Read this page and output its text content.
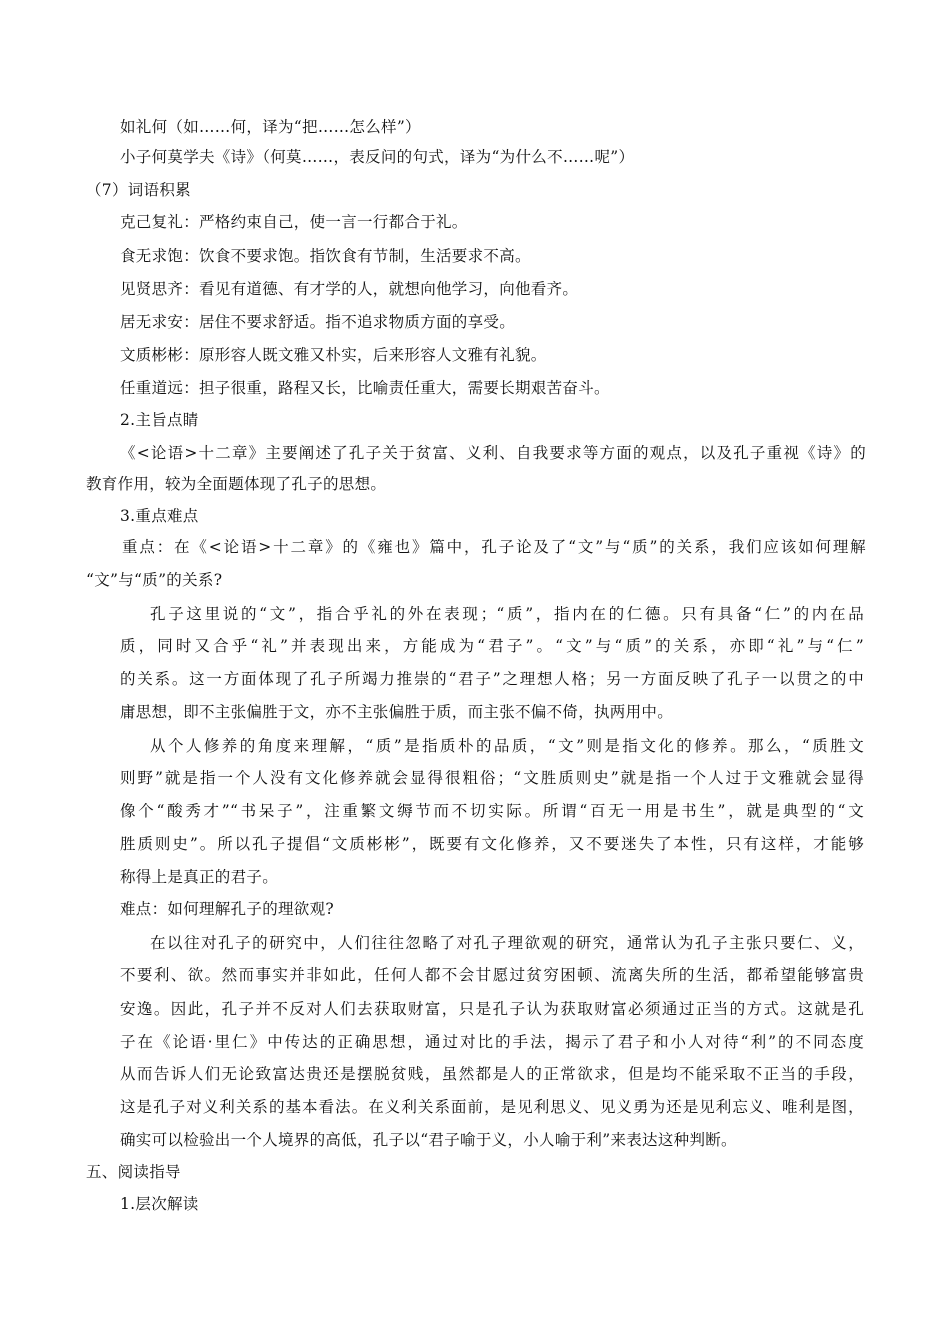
如礼何（如……何，译为“把……怎么样”）
小子何莫学夫《诗》（何莫……，表反问的句式，译为“为什么不……呢”）
（7）词语积累
克己复礼：严格约束自己，使一言一行都合于礼。
食无求饱：饮食不要求饱。指饮食有节制，生活要求不高。
见贤思齐：看见有道德、有才学的人，就想向他学习，向他看齐。
居无求安：居住不要求舒适。指不追求物质方面的享受。
文质彬彬：原形容人既文雅又朴实，后来形容人文雅有礼貌。
任重道远：担子很重，路程又长，比喻责任重大，需要长期艰苦奋斗。
2.主旨点睛
《<论语>十二章》主要阐述了孔子关于贫富、义利、自我要求等方面的观点，以及孔子重视《诗》的
教育作用，较为全面题体现了孔子的思想。
3.重点难点
重点：在《<论语>十二章》的《雍也》篇中，孔子论及了“文”与“质”的关系，我们应该如何理解
“文”与“质”的关系?
孔子这里说的“文”，指合乎礼的外在表现；“质”，指内在的仁德。只有具备“仁”的内在品
质，同时又合乎“礼”并表现出来，方能成为“君子”。“文”与“质”的关系，亦即“礼”与“仁”
的关系。这一方面体现了孔子所竭力推崇的“君子”之理想人格；另一方面反映了孔子一以贯之的中
庸思想，即不主张偏胜于文，亦不主张偏胜于质，而主张不偏不倚，执两用中。
从个人修养的角度来理解，“质”是指质朴的品质，“文”则是指文化的修养。那么，“质胜文
则野”就是指一个人没有文化修养就会显得很粗俗；“文胜质则史”就是指一个人过于文雅就会显得
像个“酸秀才”“书呆子”，注重繁文缛节而不切实际。所谓“百无一用是书生”，就是典型的“文
胜质则史”。所以孔子提倡“文质彬彬”，既要有文化修养，又不要迷失了本性，只有这样，才能够
称得上是真正的君子。
难点：如何理解孔子的理欲观?
在以往对孔子的研究中，人们往往忽略了对孔子理欲观的研究，通常认为孔子主张只要仁、义，
不要利、欲。然而事实并非如此，任何人都不会甘愿过贫穷困顿、流离失所的生活，都希望能够富贵
安逸。因此，孔子并不反对人们去获取财富，只是孔子认为获取财富必须通过正当的方式。这就是孔
子在《论语·里仁》中传达的正确思想，通过对比的手法，揭示了君子和小人对待“利”的不同态度
从而告诉人们无论致富达贵还是摆脱贫贱，虽然都是人的正常欲求，但是均不能采取不正当的手段，
这是孔子对义利关系的基本看法。在义利关系面前，是见利思义、见义勇为还是见利忘义、唯利是图，
确实可以检验出一个人境界的高低，孔子以“君子喻于义，小人喻于利”来表达这种判断。
五、阅读指导
1.层次解读
